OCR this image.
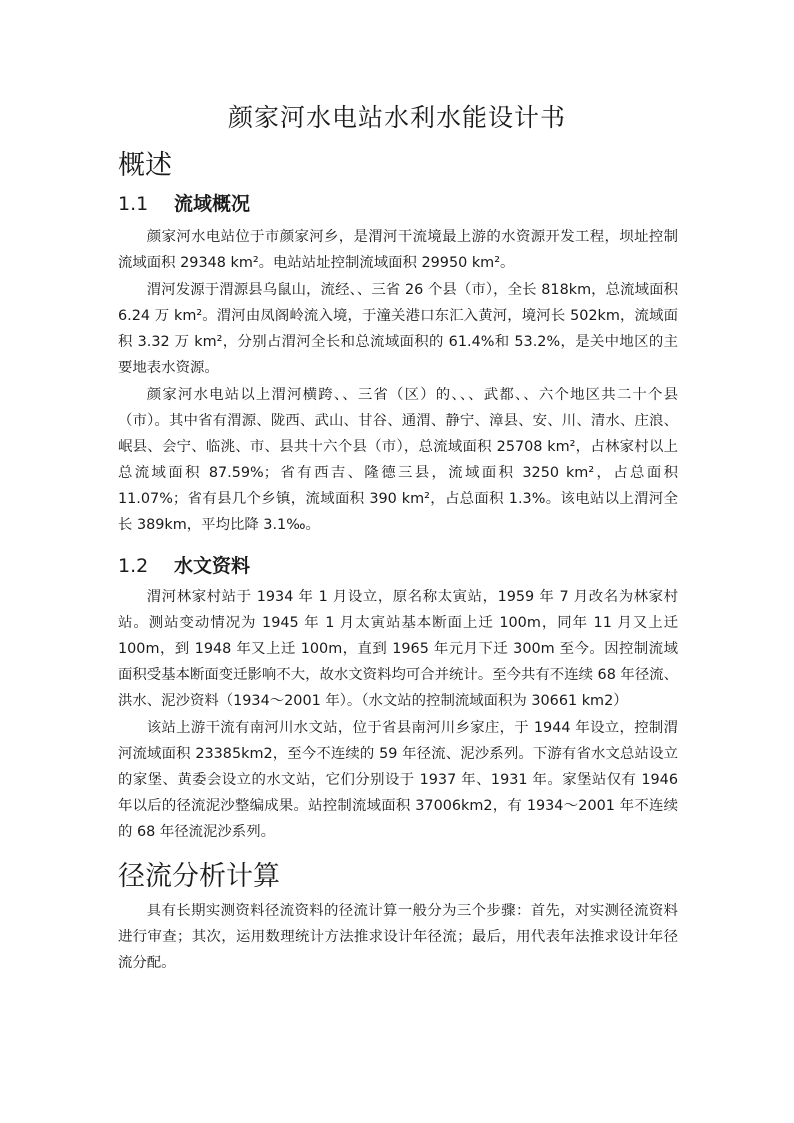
颜家河水电站水利水能设计书
概述
1.1 流域概况

颜家河水电站位于市颜家河乡，是渭河干流境最上游的水资源开发工程，坝址控制流域面积 29348 km²。电站站址控制流域面积 29950 km²。

渭河发源于渭源县乌鼠山，流经、、三省 26 个县（市），全长 818km，总流域面积 6.24 万 km²。渭河由凤阁岭流入境，于潼关港口东汇入黄河，境河长 502km，流域面积 3.32 万 km²，分别占渭河全长和总流域面积的 61.4%和 53.2%，是关中地区的主要地表水资源。

颜家河水电站以上渭河横跨、、三省（区）的、、、武都、、六个地区共二十个县（市）。其中省有渭源、陇西、武山、甘谷、通渭、静宁、漳县、安、川、清水、庄浪、岷县、会宁、临洮、市、县共十六个县（市），总流域面积 25708 km²，占林家村以上总流域面积 87.59%；省有西吉、隆德三县，流域面积 3250 km²，占总面积 11.07%；省有县几个乡镇，流域面积 390 km²，占总面积 1.3%。该电站以上渭河全长 389km，平均比降 3.1‰。

1.2 水文资料

渭河林家村站于 1934 年 1 月设立，原名称太寅站，1959 年 7 月改名为林家村站。测站变动情况为 1945 年 1 月太寅站基本断面上迁 100m，同年 11 月又上迁 100m，到 1948 年又上迁 100m，直到 1965 年元月下迁 300m 至今。因控制流域面积受基本断面变迁影响不大，故水文资料均可合并统计。至今共有不连续 68 年径流、洪水、泥沙资料（1934～2001 年）。（水文站的控制流域面积为 30661 km2）

该站上游干流有南河川水文站，位于省县南河川乡家庄，于 1944 年设立，控制渭河流域面积 23385km2，至今不连续的 59 年径流、泥沙系列。下游有省水文总站设立的家堡、黄委会设立的水文站，它们分别设于 1937 年、1931 年。家堡站仅有 1946 年以后的径流泥沙整编成果。站控制流域面积 37006km2，有 1934～2001 年不连续的 68 年径流泥沙系列。

径流分析计算

具有长期实测资料径流资料的径流计算一般分为三个步骤：首先，对实测径流资料进行审查；其次，运用数理统计方法推求设计年径流；最后，用代表年法推求设计年径流分配。
